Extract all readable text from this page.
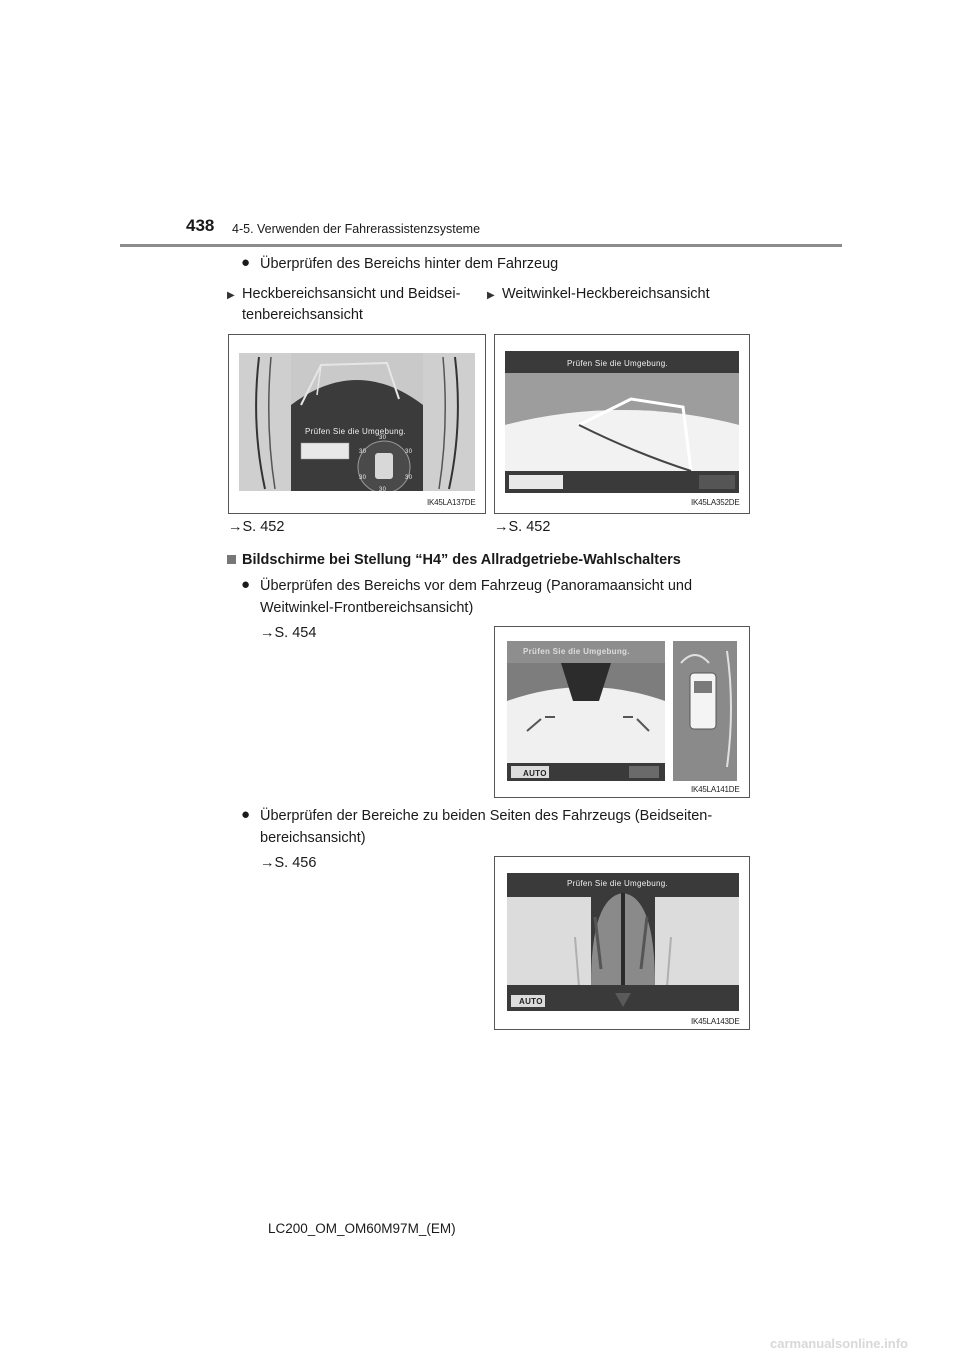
438 4-5. Verwenden der Fahrerassistenzsysteme
● Überprüfen des Bereichs hinter dem Fahrzeug
▶ Heckbereichsansicht und Beidsei-
tenbereichsansicht
▶ Weitwinkel-Heckbereichsansicht
Prüfen Sie die Umgebung.
30
30	30
30	30
30
IK45LA137DE
Prüfen Sie die Umgebung.
IK45LA352DE
→S. 452	→S. 452
Bildschirme bei Stellung “H4” des Allradgetriebe-Wahlschalters
● Überprüfen des Bereichs vor dem Fahrzeug (Panoramaansicht und
Weitwinkel-Frontbereichsansicht)
→S. 454
Prüfen Sie die Umgebung.
AUTO
IK45LA141DE
● Überprüfen der Bereiche zu beiden Seiten des Fahrzeugs (Beidseiten-
bereichsansicht)
→S. 456
Prüfen Sie die Umgebung.
AUTO
IK45LA143DE
LC200_OM_OM60M97M_(EM)
carmanualsonline.info
